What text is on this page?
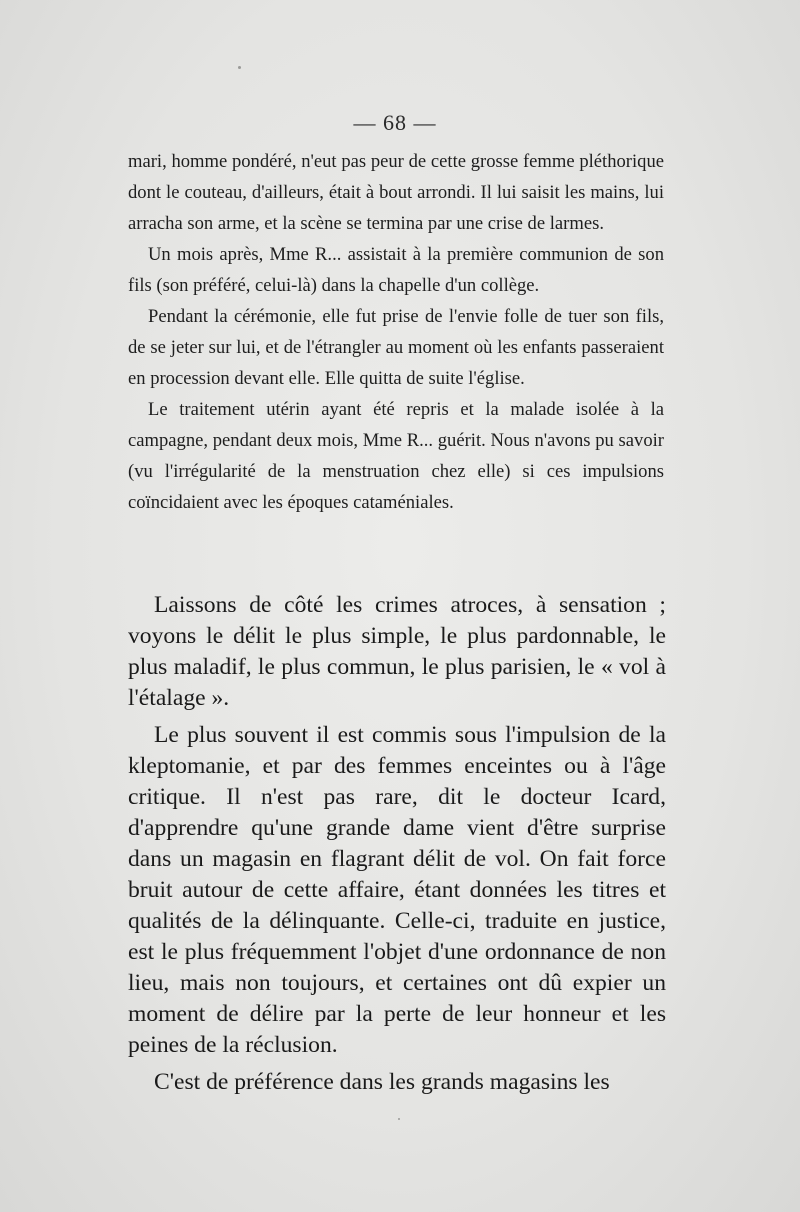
— 68 —

mari, homme pondéré, n'eut pas peur de cette grosse femme pléthorique dont le couteau, d'ailleurs, était à bout arrondi. Il lui saisit les mains, lui arracha son arme, et la scène se termina par une crise de larmes.

Un mois après, Mme R... assistait à la première communion de son fils (son préféré, celui-là) dans la chapelle d'un collège.

Pendant la cérémonie, elle fut prise de l'envie folle de tuer son fils, de se jeter sur lui, et de l'étrangler au moment où les enfants passeraient en procession devant elle. Elle quitta de suite l'église.

Le traitement utérin ayant été repris et la malade isolée à la campagne, pendant deux mois, Mme R... guérit. Nous n'avons pu savoir (vu l'irrégularité de la menstruation chez elle) si ces impulsions coïncidaient avec les époques cataméniales.

Laissons de côté les crimes atroces, à sensation ; voyons le délit le plus simple, le plus pardonnable, le plus maladif, le plus commun, le plus parisien, le « vol à l'étalage ».

Le plus souvent il est commis sous l'impulsion de la kleptomanie, et par des femmes enceintes ou à l'âge critique. Il n'est pas rare, dit le docteur Icard, d'apprendre qu'une grande dame vient d'être surprise dans un magasin en flagrant délit de vol. On fait force bruit autour de cette affaire, étant données les titres et qualités de la délinquante. Celle-ci, traduite en justice, est le plus fréquemment l'objet d'une ordonnance de non lieu, mais non toujours, et certaines ont dû expier un moment de délire par la perte de leur honneur et les peines de la réclusion.

C'est de préférence dans les grands magasins les
